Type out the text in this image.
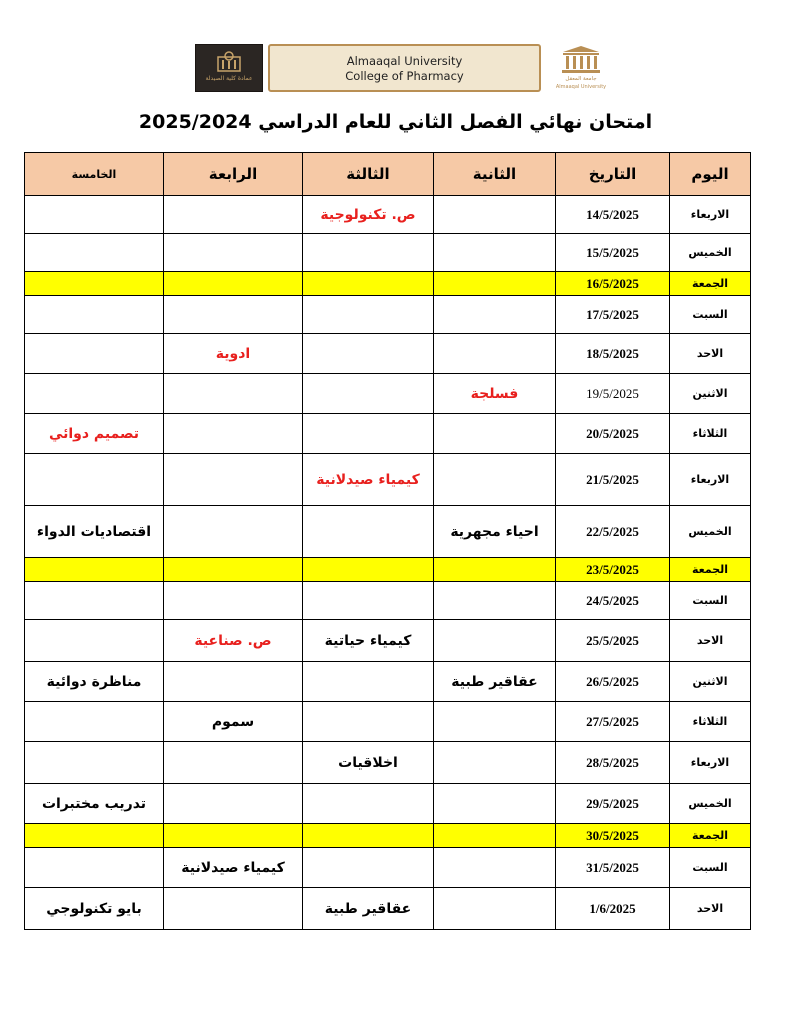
عمادة كلية الصيدلة
Almaaqal University
College of Pharmacy	جامعة المعقل
Almaaqal University
امتحان نهائي الفصل الثاني للعام الدراسي 2025/2024
اليوم	التاريخ	الثانية	الثالثة	الرابعة	الخامسة
الاربعاء	14/5/2025		ص. تكنولوجية		
الخميس	15/5/2025				
الجمعة	16/5/2025				
السبت	17/5/2025				
الاحد	18/5/2025			ادوية	
الاثنين	19/5/2025	فسلجة			
الثلاثاء	20/5/2025				تصميم دوائي
الاربعاء	21/5/2025		كيمياء صيدلانية		
الخميس	22/5/2025	احياء مجهرية			اقتصاديات الدواء
الجمعة	23/5/2025				
السبت	24/5/2025				
الاحد	25/5/2025		كيمياء حياتية	ص. صناعية	
الاثنين	26/5/2025	عقاقير طبية			مناظرة دوائية
الثلاثاء	27/5/2025			سموم	
الاربعاء	28/5/2025		اخلاقيات		
الخميس	29/5/2025				تدريب مختبرات
الجمعة	30/5/2025				
السبت	31/5/2025			كيمياء صيدلانية	
الاحد	1/6/2025		عقاقير طبية		بايو تكنولوجي
